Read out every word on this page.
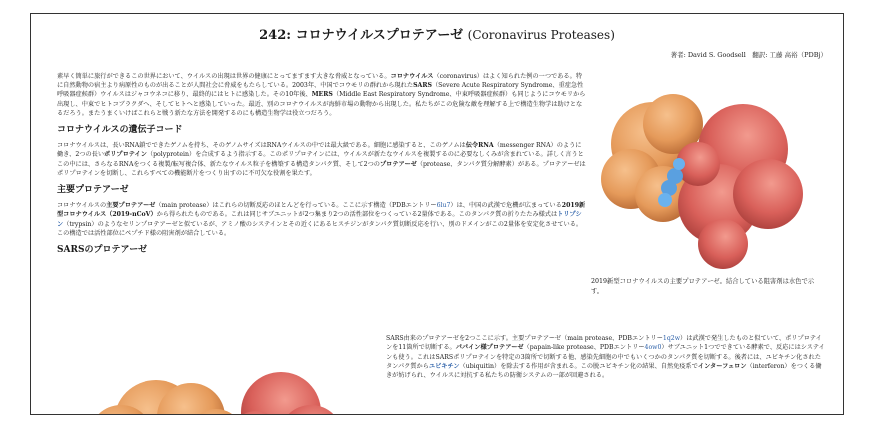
242: コロナウイルスプロテアーゼ (Coronavirus Proteases)
著者: David S. Goodsell　翻訳: 工藤 高裕（PDBj）

素早く簡単に旅行ができるこの世界において、ウイルスの出現は世界の健康にとってますます大きな脅威となっている。コロナウイルス（coronavirus）はよく知られた例の一つである。特に自然動物の宿主より病原性のものが出ることが人間社会に脅威をもたらしている。2003年、中国でコウモリの群れから現れたSARS（Severe Acute Respiratory Syndrome、重症急性呼吸器症候群）ウイルスはジャコウネコに移り、最終的にはヒトに感染した。その10年後、MERS（Middle East Respiratory Syndrome、中東呼吸器症候群）も同じようにコウモリから出現し、中東でヒトコブラクダへ、そしてヒトへと感染していった。最近、別のコロナウイルスが海鮮市場の動物から出現した。私たちがこの危険な敵を理解する上で構造生物学は助けとなるだろう。またうまくいけばこれらと戦う新たな方法を開発するのにも構造生物学は役立つだろう。

コロナウイルスの遺伝子コード

コロナウイルスは、長いRNA鎖でできたゲノムを持ち、そのゲノムサイズはRNAウイルスの中では最大級である。細胞に感染すると、このゲノムは伝令RNA（messenger RNA）のように働き、2つの長いポリプロテイン（polyprotein）を合成するよう指示する。このポリプロテインには、ウイルスが新たなウイルスを複製するのに必要なしくみが含まれている。詳しく言うとこの中には、さらなるRNAをつくる複製/転写複合体、新たなウイルス粒子を構築する構造タンパク質、そして2つのプロテアーゼ（protease、タンパク質分解酵素）がある。プロテアーゼはポリプロテインを切断し、これらすべての機能断片をつくり出すのに不可欠な役割を果たす。

主要プロテアーゼ

コロナウイルスの主要プロテアーゼ（main protease）はこれらの切断反応のほとんどを行っている。ここに示す構造（PDBエントリー6lu7）は、中国の武漢で危機が広まっている2019新型コロナウイルス（2019-nCoV）から得られたものである。これは同じサブユニットが2つ集まり2つの活性部位をつくっている2量体である。このタンパク質の折りたたみ様式はトリプシン（trypsin）のようなセリンプロテアーゼと似ているが、アミノ酸のシステインとその近くにあるヒスチジンがタンパク質切断反応を行い、別のドメインがこの2量体を安定化させている。この構造では活性部位にペプチド様の阻害剤が結合している。

SARSのプロテアーゼ
2019新型コロナウイルスの主要プロテアーゼ。結合している阻害剤は水色で示す。
SARS由来のプロテアーゼを2つここに示す。主要プロテアーゼ（main protease、PDBエントリー1q2w）は武漢で発生したものと似ていて、ポリプロテインを11箇所で切断する。パパイン様プロテアーゼ（papain-like protease、PDBエントリー4ow0）サブユニット1つでできている酵素で、反応にはシステインも使う。これはSARSポリプロテインを特定の3箇所で切断する他、感染先細胞の中でもいくつかのタンパク質を切断する。後者には、ユビキチン化されたタンパク質からユビキチン（ubiquitin）を除去する作用が含まれる。この脱ユビキチン化の結果、自然免疫系でインターフェロン（interferon）をつくる働きが妨げられ、ウイルスに対抗する私たちの防衛システムの一部が回避される。
